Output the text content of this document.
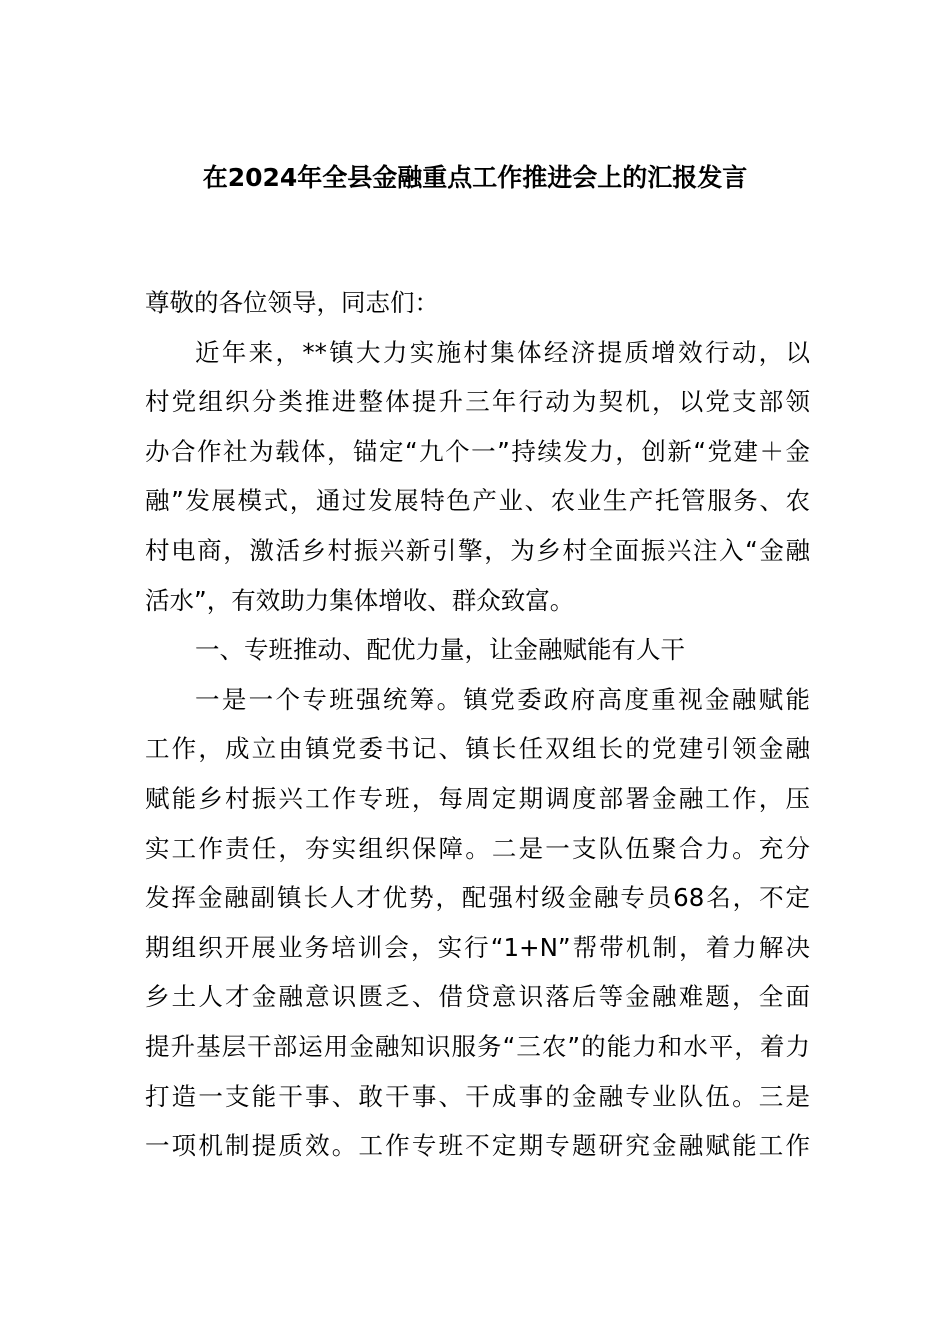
在2024年全县金融重点工作推进会上的汇报发言
尊敬的各位领导，同志们：
近年来，**镇大力实施村集体经济提质增效行动，以
村党组织分类推进整体提升三年行动为契机，以党支部领
办合作社为载体，锚定“九个一”持续发力，创新“党建＋金
融”发展模式，通过发展特色产业、农业生产托管服务、农
村电商，激活乡村振兴新引擎，为乡村全面振兴注入“金融
活水”，有效助力集体增收、群众致富。
一、专班推动、配优力量，让金融赋能有人干
一是一个专班强统筹。镇党委政府高度重视金融赋能
工作，成立由镇党委书记、镇长任双组长的党建引领金融
赋能乡村振兴工作专班，每周定期调度部署金融工作，压
实工作责任，夯实组织保障。二是一支队伍聚合力。充分
发挥金融副镇长人才优势，配强村级金融专员68名，不定
期组织开展业务培训会，实行“1+N”帮带机制，着力解决
乡土人才金融意识匮乏、借贷意识落后等金融难题，全面
提升基层干部运用金融知识服务“三农”的能力和水平，着力
打造一支能干事、敢干事、干成事的金融专业队伍。三是
一项机制提质效。工作专班不定期专题研究金融赋能工作
